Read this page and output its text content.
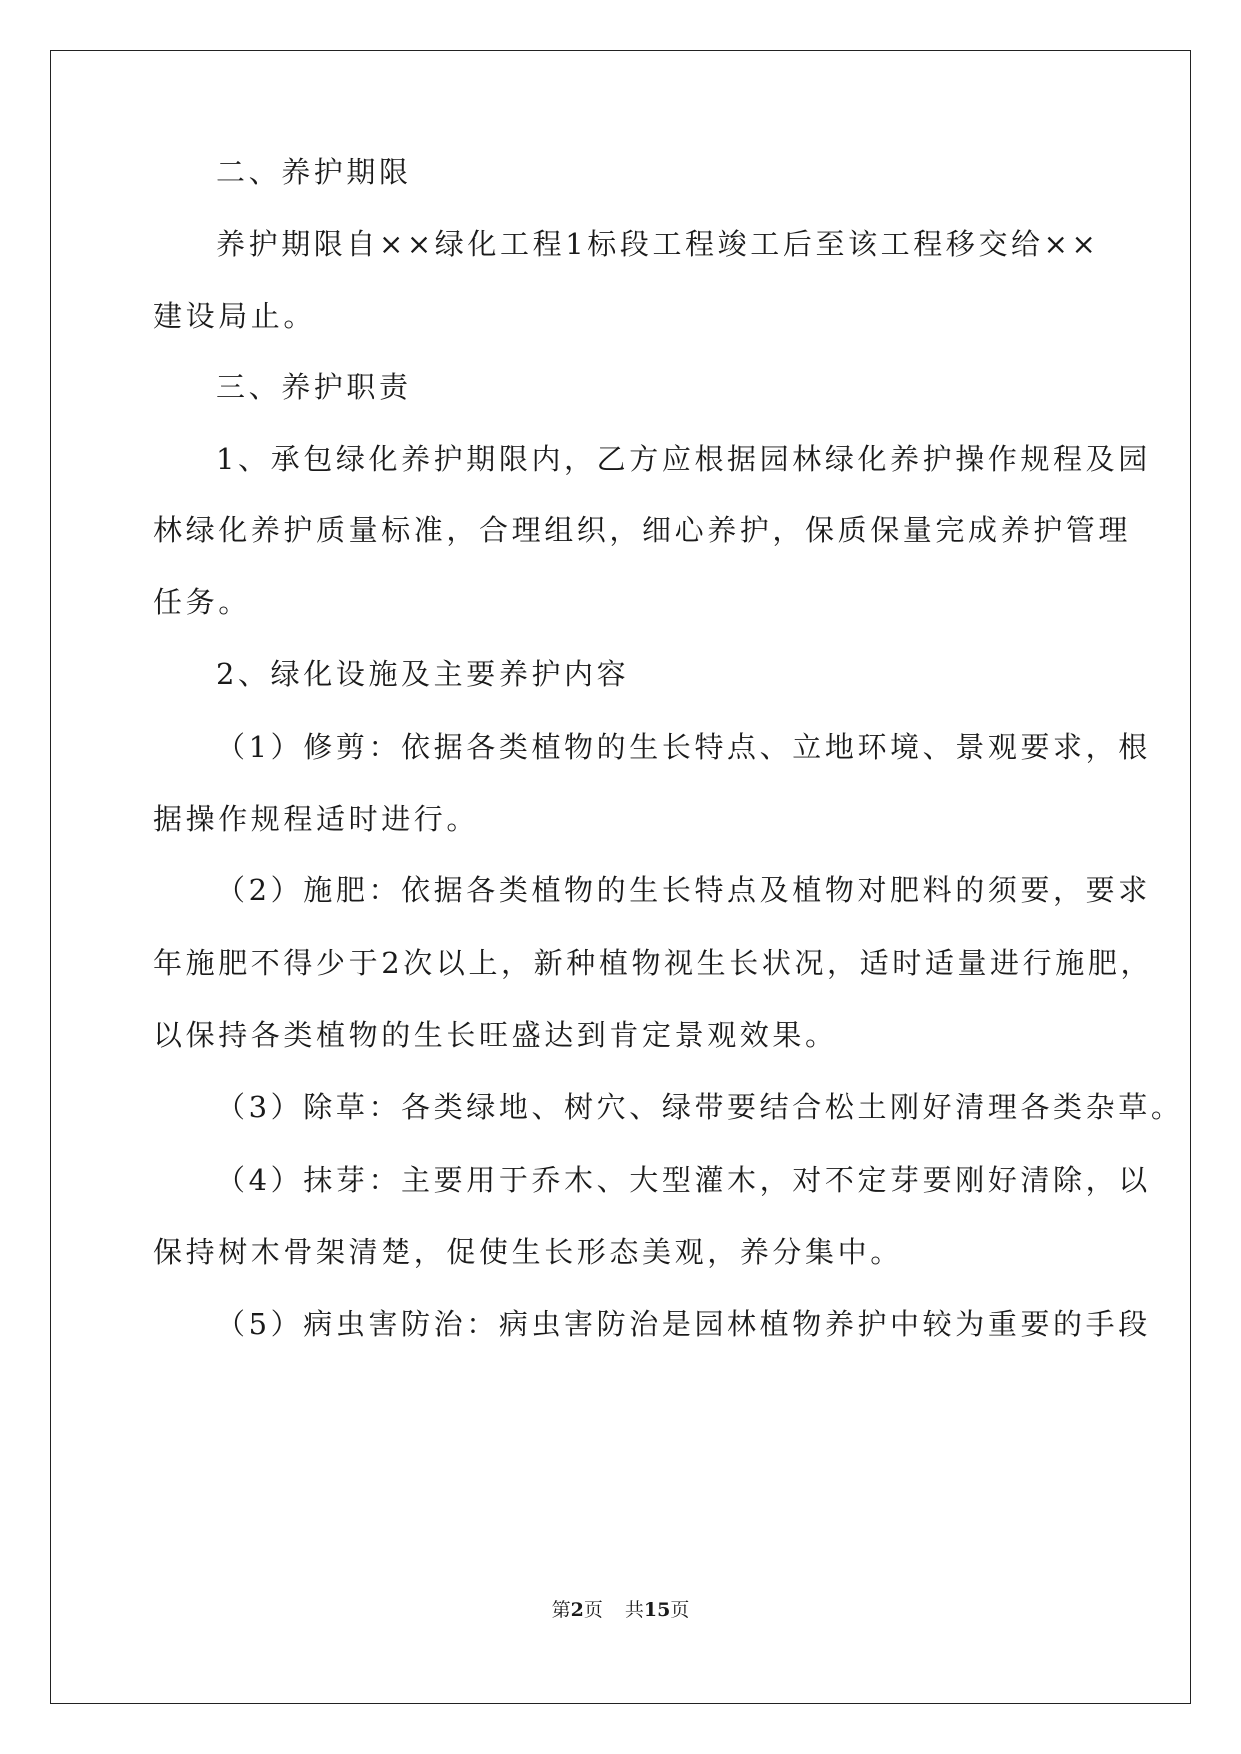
二、养护期限
养护期限自××绿化工程1标段工程竣工后至该工程移交给××
建设局止。
三、养护职责
1、承包绿化养护期限内，乙方应根据园林绿化养护操作规程及园
林绿化养护质量标准，合理组织，细心养护，保质保量完成养护管理
任务。
2、绿化设施及主要养护内容
（1）修剪：依据各类植物的生长特点、立地环境、景观要求，根
据操作规程适时进行。
（2）施肥：依据各类植物的生长特点及植物对肥料的须要，要求
年施肥不得少于2次以上，新种植物视生长状况，适时适量进行施肥，
以保持各类植物的生长旺盛达到肯定景观效果。
（3）除草：各类绿地、树穴、绿带要结合松土刚好清理各类杂草。
（4）抹芽：主要用于乔木、大型灌木，对不定芽要刚好清除，以
保持树木骨架清楚，促使生长形态美观，养分集中。
（5）病虫害防治：病虫害防治是园林植物养护中较为重要的手段
第2页 共15页
